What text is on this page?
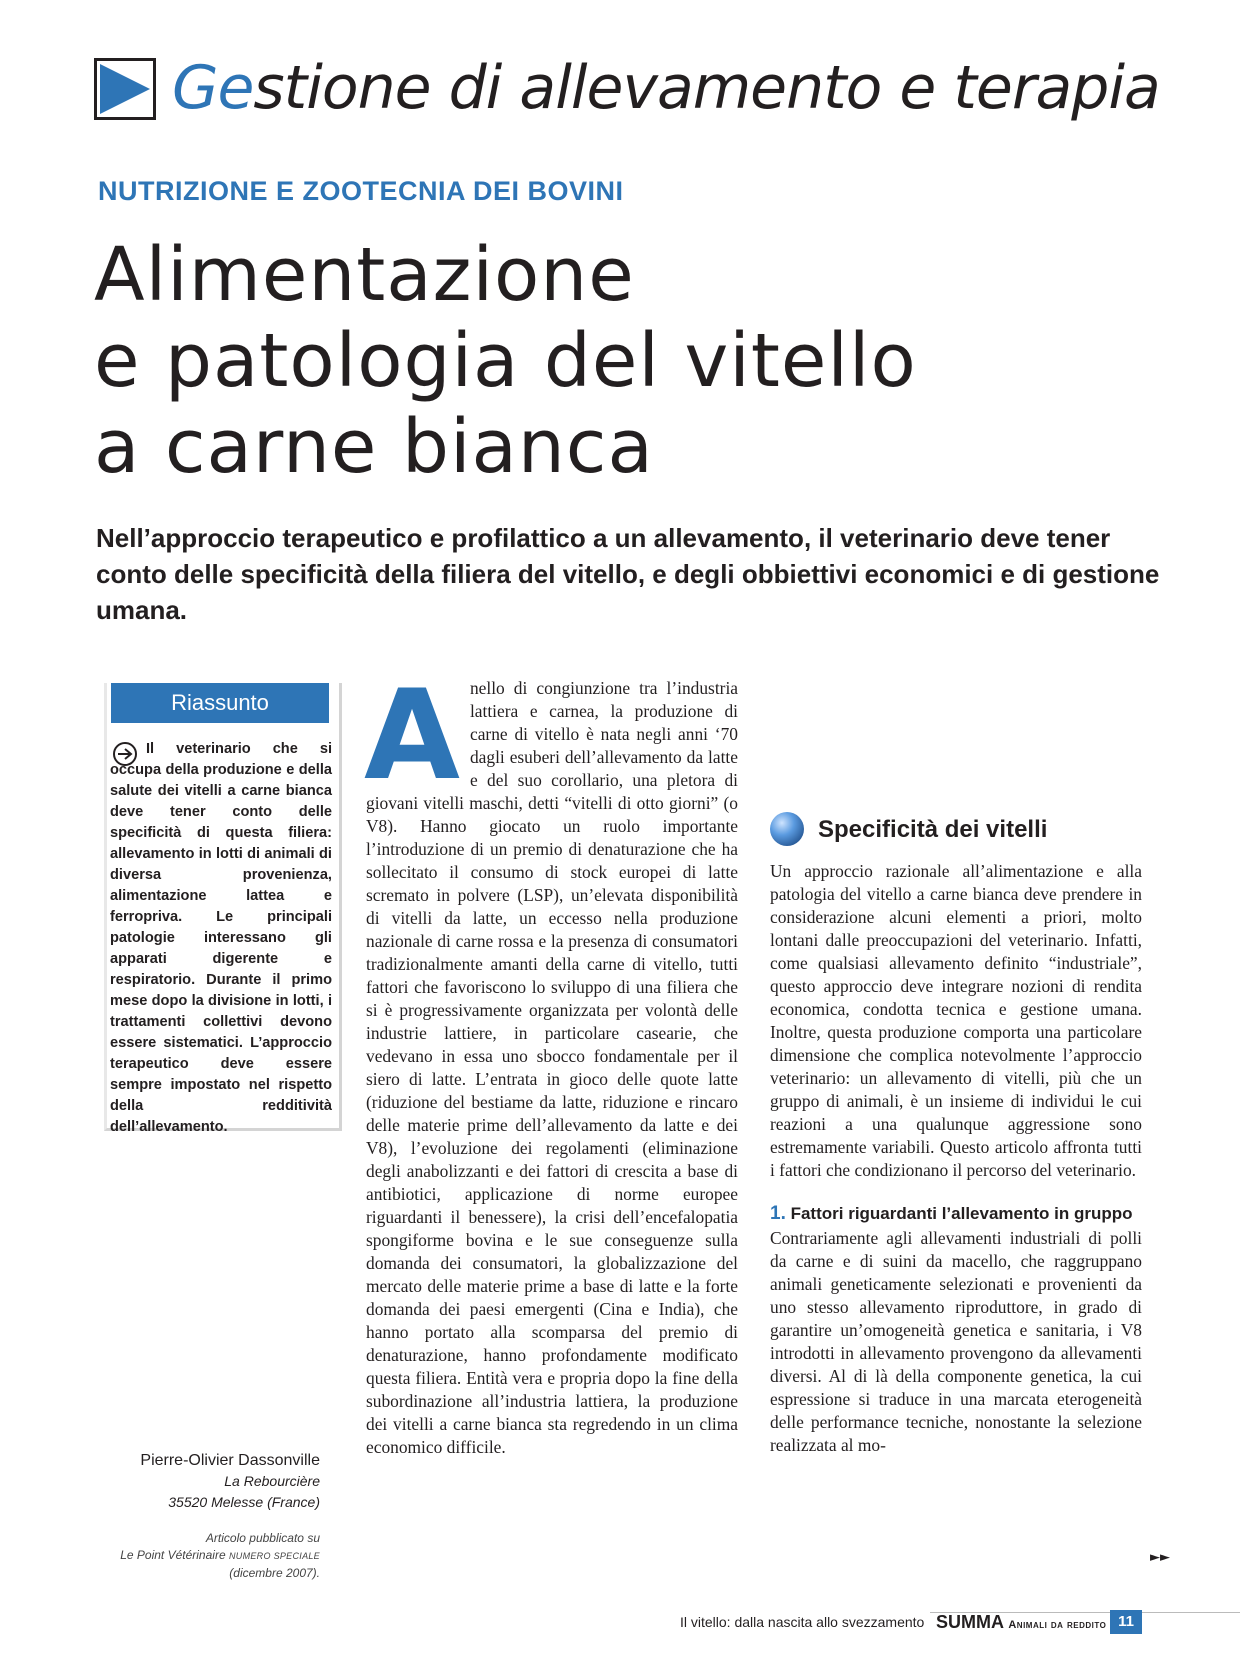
Gestione di allevamento e terapia
NUTRIZIONE E ZOOTECNIA DEI BOVINI
Alimentazione
e patologia del vitello
a carne bianca
Nell’approccio terapeutico e profilattico a un allevamento, il veterinario deve tener conto delle specificità della filiera del vitello, e degli obbiettivi economici e di gestione umana.
Riassunto
Il veterinario che si occupa della produzione e della salute dei vitelli a carne bianca deve tener conto delle specificità di questa filiera: allevamento in lotti di animali di diversa provenienza, alimentazione lattea e ferropriva. Le principali patologie interessano gli apparati digerente e respiratorio. Durante il primo mese dopo la divisione in lotti, i trattamenti collettivi devono essere sistematici. L’approccio terapeutico deve essere sempre impostato nel rispetto della redditività dell’allevamento.
Pierre-Olivier Dassonville
La Rebourcière
35520 Melesse (France)
Articolo pubblicato su
Le Point Vétérinaire NUMERO SPECIALE
(dicembre 2007).
A nello di congiunzione tra l’industria lattiera e carnea, la produzione di carne di vitello è nata negli anni ‘70 dagli esuberi dell’allevamento da latte e del suo corollario, una pletora di giovani vitelli maschi, detti “vitelli di otto giorni” (o V8). Hanno giocato un ruolo importante l’introduzione di un premio di denaturazione che ha sollecitato il consumo di stock europei di latte scremato in polvere (LSP), un’elevata disponibilità di vitelli da latte, un eccesso nella produzione nazionale di carne rossa e la presenza di consumatori tradizionalmente amanti della carne di vitello, tutti fattori che favoriscono lo sviluppo di una filiera che si è progressivamente organizzata per volontà delle industrie lattiere, in particolare casearie, che vedevano in essa uno sbocco fondamentale per il siero di latte. L’entrata in gioco delle quote latte (riduzione del bestiame da latte, riduzione e rincaro delle materie prime dell’allevamento da latte e dei V8), l’evoluzione dei regolamenti (eliminazione degli anabolizzanti e dei fattori di crescita a base di antibiotici, applicazione di norme europee riguardanti il benessere), la crisi dell’encefalopatia spongiforme bovina e le sue conseguenze sulla domanda dei consumatori, la globalizzazione del mercato delle materie prime a base di latte e la forte domanda dei paesi emergenti (Cina e India), che hanno portato alla scomparsa del premio di denaturazione, hanno profondamente modificato questa filiera. Entità vera e propria dopo la fine della subordinazione all’industria lattiera, la produzione dei vitelli a carne bianca sta regredendo in un clima economico difficile.

Specificità dei vitelli

Un approccio razionale all’alimentazione e alla patologia del vitello a carne bianca deve prendere in considerazione alcuni elementi a priori, molto lontani dalle preoccupazioni del veterinario. Infatti, come qualsiasi allevamento definito “industriale”, questo approccio deve integrare nozioni di rendita economica, condotta tecnica e gestione umana. Inoltre, questa produzione comporta una particolare dimensione che complica notevolmente l’approccio veterinario: un allevamento di vitelli, più che un gruppo di animali, è un insieme di individui le cui reazioni a una qualunque aggressione sono estremamente variabili. Questo articolo affronta tutti i fattori che condizionano il percorso del veterinario.

1. Fattori riguardanti l’allevamento in gruppo

Contrariamente agli allevamenti industriali di polli da carne e di suini da macello, che raggruppano animali geneticamente selezionati e provenienti da uno stesso allevamento riproduttore, in grado di garantire un’omogeneità genetica e sanitaria, i V8 introdotti in allevamento provengono da allevamenti diversi. Al di là della componente genetica, la cui espressione si traduce in una marcata eterogeneità delle performance tecniche, nonostante la selezione realizzata al mo-

►►
Il vitello: dalla nascita allo svezzamento SUMMA Animali da reddito 11
